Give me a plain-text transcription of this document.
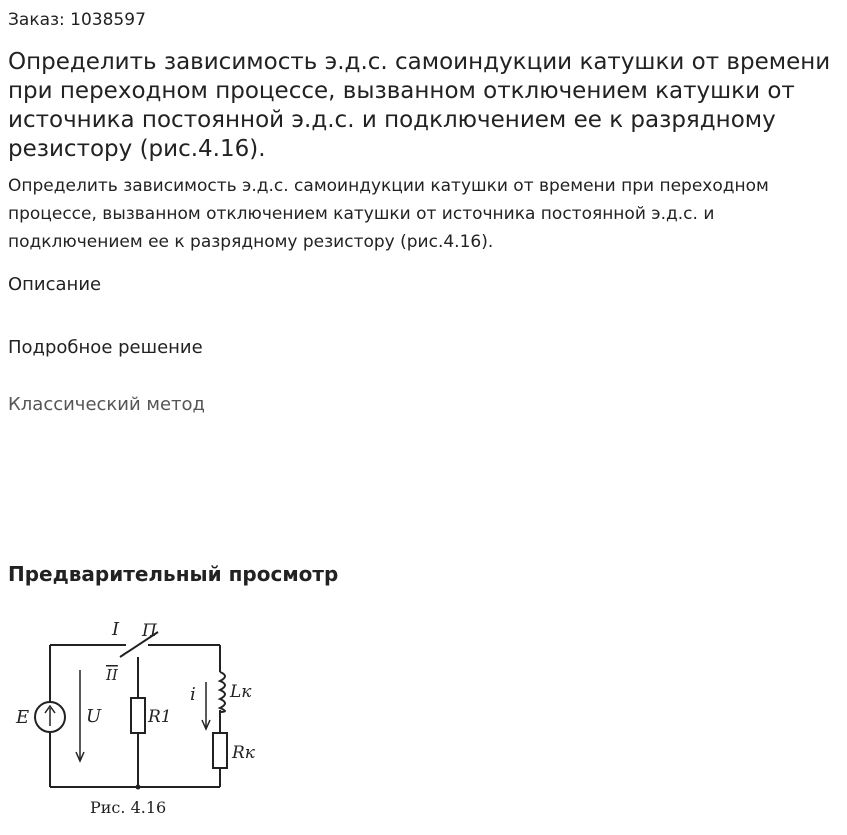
Заказ: 1038597
Определить зависимость э.д.с. самоиндукции катушки от времени при переходном процессе, вызванном отключением катушки от источника постоянной э.д.с. и подключением ее к разрядному резистору (рис.4.16).

Определить зависимость э.д.с. самоиндукции катушки от времени при переходном процессе, вызванном отключением катушки от источника постоянной э.д.с. и подключением ее к разрядному резистору (рис.4.16).

Описание
Подробное решение
Классический метод
Предварительный просмотр
I П
II
E	U	R1
i Lк
Rк
Рис. 4.16
